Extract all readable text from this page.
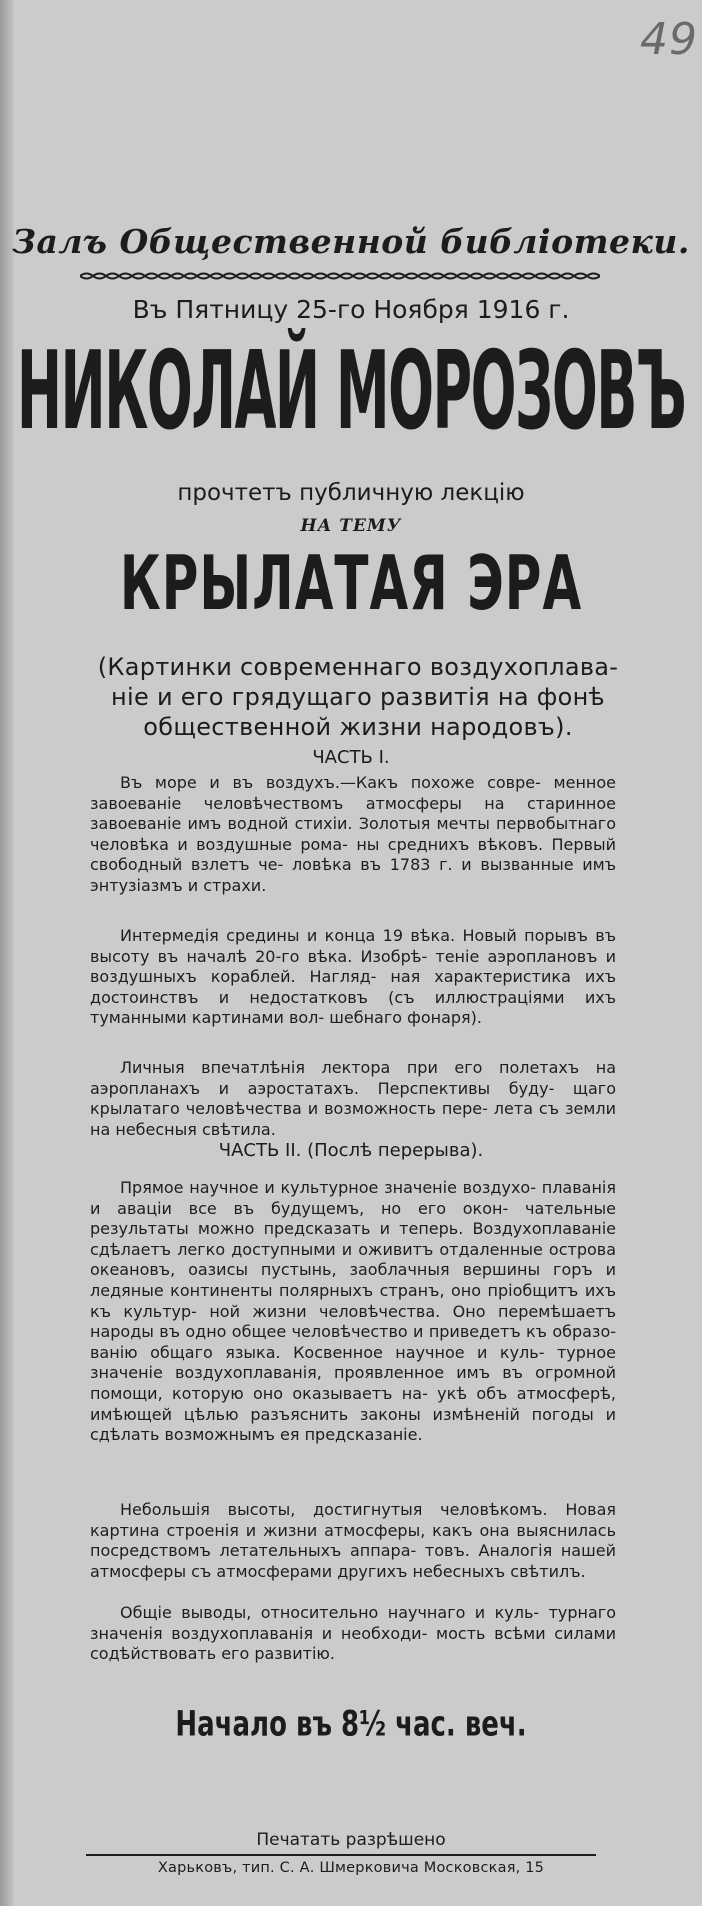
49
Залъ Общественной библіотеки.
Въ Пятницу 25-го Ноября 1916 г.
НИКОЛАЙ МОРОЗОВЪ
прочтетъ публичную лекцію
НА ТЕМУ
КРЫЛАТАЯ ЭРА
(Картинки современнаго воздухоплава- ніе и его грядущаго развитія на фонѣ общественной жизни народовъ).
ЧАСТЬ I.
Въ море и въ воздухъ.—Какъ похоже совре- менное завоеваніе человѣчествомъ атмосферы на старинное завоеваніе имъ водной стихіи. Золотыя мечты первобытнаго человѣка и воздушные рома- ны среднихъ вѣковъ. Первый свободный взлетъ че- ловѣка въ 1783 г. и вызванные имъ энтузіазмъ и страхи.
Интермедія средины и конца 19 вѣка. Новый порывъ въ высоту въ началѣ 20-го вѣка. Изобрѣ- теніе аэроплановъ и воздушныхъ кораблей. Нагляд- ная характеристика ихъ достоинствъ и недостатковъ (съ иллюстраціями ихъ туманными картинами вол- шебнаго фонаря).
Личныя впечатлѣнія лектора при его полетахъ на аэропланахъ и аэростатахъ. Перспективы буду- щаго крылатаго человѣчества и возможность пере- лета съ земли на небесныя свѣтила.
ЧАСТЬ II. (Послѣ перерыва).
Прямое научное и культурное значеніе воздухо- плаванія и аваціи все въ будущемъ, но его окон- чательные результаты можно предсказать и теперь. Воздухоплаваніе сдѣлаетъ легко доступными и оживитъ отдаленные острова океановъ, оазисы пустынь, заоблачныя вершины горъ и ледяные континенты полярныхъ странъ, оно пріобщитъ ихъ къ культур- ной жизни человѣчества. Оно перемѣшаетъ народы въ одно общее человѣчество и приведетъ къ образо- ванію общаго языка. Косвенное научное и куль- турное значеніе воздухоплаванія, проявленное имъ въ огромной помощи, которую оно оказываетъ на- укѣ объ атмосферѣ, имѣющей цѣлью разъяснить законы измѣненій погоды и сдѣлать возможнымъ ея предсказаніе.
Небольшія высоты, достигнутыя человѣкомъ. Новая картина строенія и жизни атмосферы, какъ она выяснилась посредствомъ летательныхъ аппара- товъ. Аналогія нашей атмосферы съ атмосферами другихъ небесныхъ свѣтилъ.
Общіе выводы, относительно научнаго и куль- турнаго значенія воздухоплаванія и необходи- мость всѣми силами содѣйствовать его развитію.
Начало въ 8½ час. веч.
Печатать разрѣшено
Харьковъ, тип. С. А. Шмерковича Московская, 15
